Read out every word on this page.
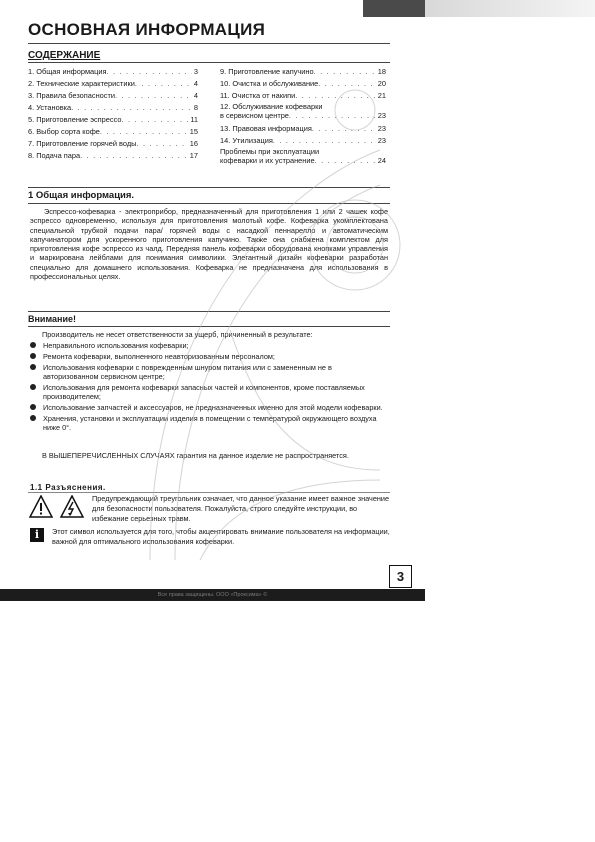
ОСНОВНАЯ ИНФОРМАЦИЯ
СОДЕРЖАНИЕ
1. Общая информация . . .	3
2. Технические характеристики . . .	4
3. Правила безопасности . . .	4
4. Установка . . .	8
5. Приготовление эспрессо . . .	11
6. Выбор сорта кофе . . .	15
7. Приготовление горячей воды . . .	16
8. Подача пара . . .	17
9. Приготовление капучино . . .	18
10. Очистка и обслуживание . . .	20
11. Очистка от накипи . . .	21
12. Обслуживание кофеварки
в сервисном центре . . .	23
13. Правовая информация . . .	23
14. Утилизация . . .	23
Проблемы при эксплуатации
кофеварки и их устранение . . .	24
1 Общая информация.
Эспрессо-кофеварка - электроприбор, предназначенный для приготовления 1 или 2 чашек кофе эспрессо одновременно, используя для приготовления молотый кофе. Кофеварка укомплектована специальной трубкой подачи пара/ горячей воды с насадкой пеннареллo и автоматическим капучинатором для ускоренного приготовления капучино. Также она снабжена комплектом для приготовления кофе эспрессо из чалд. Передняя панель кофеварки оборудована кнопками управления и маркирована лейблами для понимания символики. Элегантный дизайн кофеварки разработан специально для домашнего использования. Кофеварка не предназначена для использования в профессиональных целях.
Внимание!
Производитель не несет ответственности за ущерб, причиненный в результате:
Неправильного использования кофеварки;
Ремонта кофеварки, выполненного неавторизованным персоналом;
Использования кофеварки с поврежденным шнуром питания или с замененным не в авторизованном сервисном центре;
Использования для ремонта кофеварки запасных частей и компонентов, кроме поставляемых производителем;
Использование запчастей и аксессуаров, не предназначенных именно для этой модели кофеварки.
Хранения, установки и эксплуатации изделия в помещении с температурой окружающего воздуха ниже 0°.
В ВЫШЕПЕРЕЧИСЛЕННЫХ СЛУЧАЯХ гарантия на данное изделие не распространяется.
1.1 Разъяснения.
Предупреждающий треугольник означает, что данное указание имеет важное значение для безопасности пользователя. Пожалуйста, строго следуйте инструкции, во избежание серьезных травм.
i	Этот символ используется для того, чтобы акцентировать внимание пользователя на информации, важной для оптимального использования кофеварки.
3
Все права защищены. ООО «Проксима» ©
